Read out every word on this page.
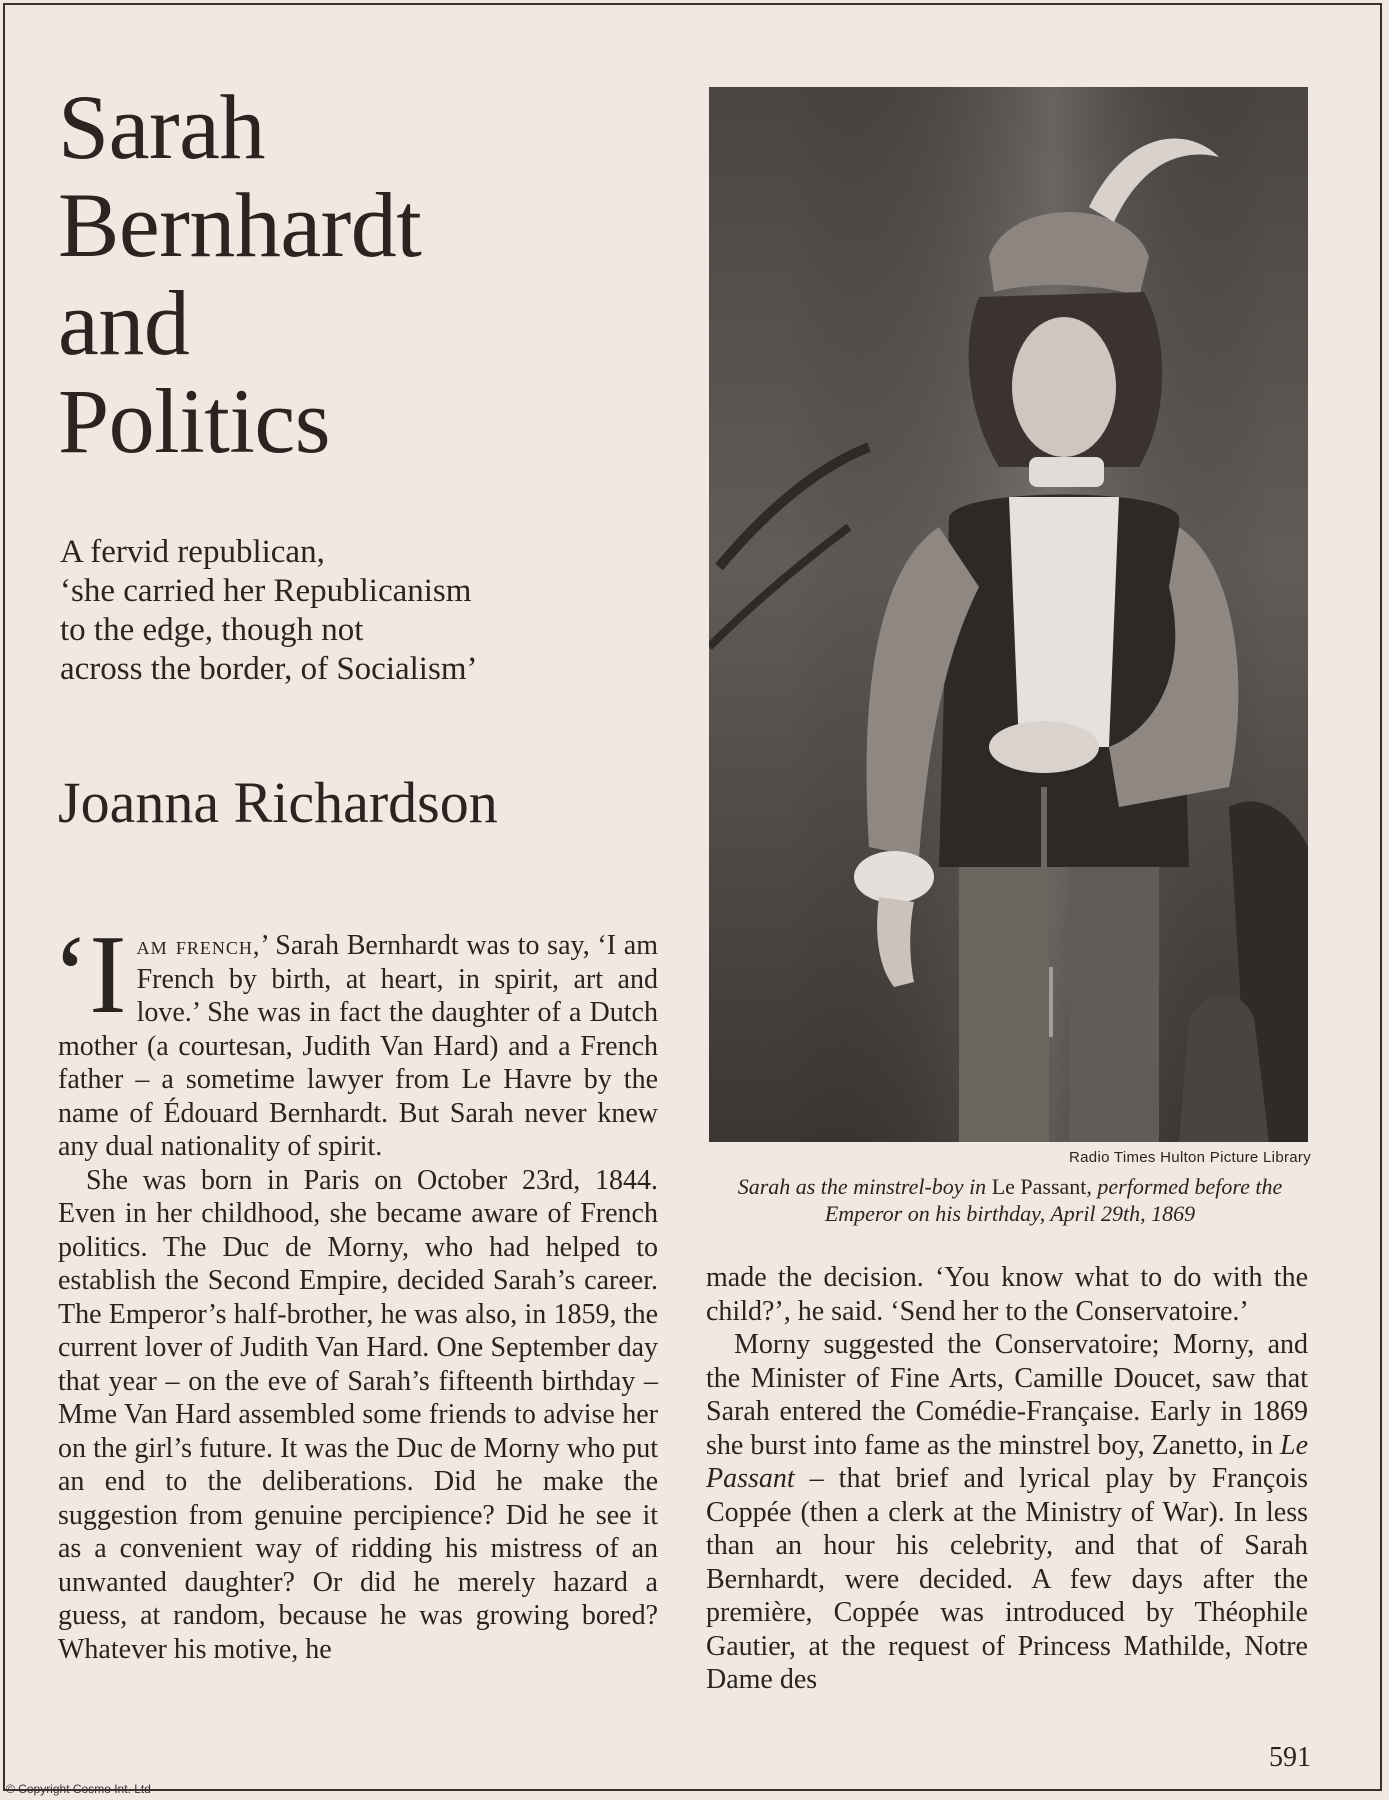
Sarah
Bernhardt
and
Politics
A fervid republican,
‘she carried her Republicanism
to the edge, though not
across the border, of Socialism’
Joanna Richardson

‘I am french,’ Sarah Bernhardt was to say, ‘I am French by birth, at heart, in spirit, art and love.’ She was in fact the daughter of a Dutch mother (a courtesan, Judith Van Hard) and a French father – a sometime lawyer from Le Havre by the name of Édouard Bernhardt. But Sarah never knew any dual nationality of spirit.

She was born in Paris on October 23rd, 1844. Even in her childhood, she became aware of French politics. The Duc de Morny, who had helped to establish the Second Empire, decided Sarah’s career. The Emperor’s half-brother, he was also, in 1859, the current lover of Judith Van Hard. One September day that year – on the eve of Sarah’s fifteenth birthday – Mme Van Hard assembled some friends to advise her on the girl’s future. It was the Duc de Morny who put an end to the deliberations. Did he make the suggestion from genuine percipience? Did he see it as a convenient way of ridding his mistress of an unwanted daughter? Or did he merely hazard a guess, at random, because he was growing bored? Whatever his motive, he

Radio Times Hulton Picture Library
Sarah as the minstrel-boy in Le Passant, performed before the Emperor on his birthday, April 29th, 1869

made the decision. ‘You know what to do with the child?’, he said. ‘Send her to the Conservatoire.’

Morny suggested the Conservatoire; Morny, and the Minister of Fine Arts, Camille Doucet, saw that Sarah entered the Comédie-Française. Early in 1869 she burst into fame as the minstrel boy, Zanetto, in Le Passant – that brief and lyrical play by François Coppée (then a clerk at the Ministry of War). In less than an hour his celebrity, and that of Sarah Bernhardt, were decided. A few days after the première, Coppée was introduced by Théophile Gautier, at the request of Princess Mathilde, Notre Dame des

591
© Copyright Cosmo Int. Ltd
